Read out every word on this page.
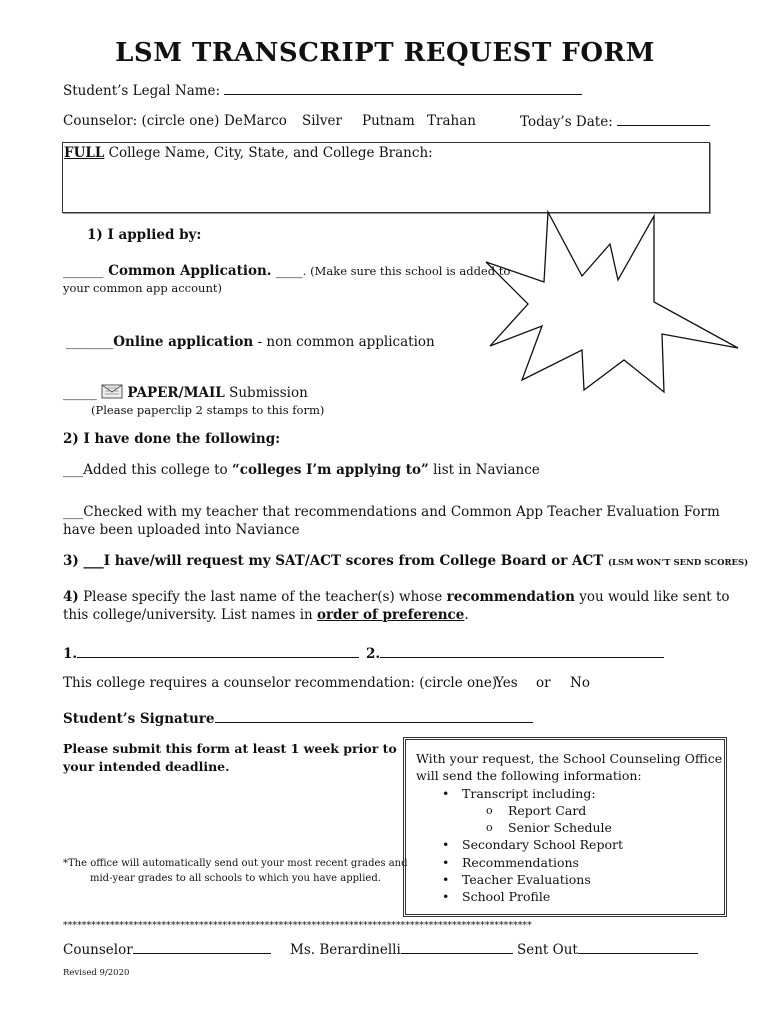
LSM TRANSCRIPT REQUEST FORM
Student’s Legal Name:
Counselor: (circle one) DeMarco Silver Putnam Trahan	Today’s Date:
FULL College Name, City, State, and College Branch:
1) I applied by:
______ Common Application. ____. (Make sure this school is added to
your common app account)
_______Online application - non common application
_____ PAPER/MAIL Submission
(Please paperclip 2 stamps to this form)
2) I have done the following:
___Added this college to “colleges I’m applying to” list in Naviance
___Checked with my teacher that recommendations and Common App Teacher Evaluation Form
have been uploaded into Naviance
3) ___I have/will request my SAT/ACT scores from College Board or ACT (LSM WON’T SEND SCORES)
4) Please specify the last name of the teacher(s) whose recommendation you would like sent to
this college/university. List names in order of preference.
1.	2.
This college requires a counselor recommendation: (circle one)
Yes or No
Student’s Signature
Please submit this form at least 1 week prior to
your intended deadline.
*The office will automatically send out your most recent grades and
mid-year grades to all schools to which you have applied.
With your request, the School Counseling Office
will send the following information:
• Transcript including:
o Report Card
o Senior Schedule
• Secondary School Report
• Recommendations
• Teacher Evaluations
• School Profile
****************************************************************************************************
Counselor	Ms. Berardinelli	Sent Out
Revised 9/2020
